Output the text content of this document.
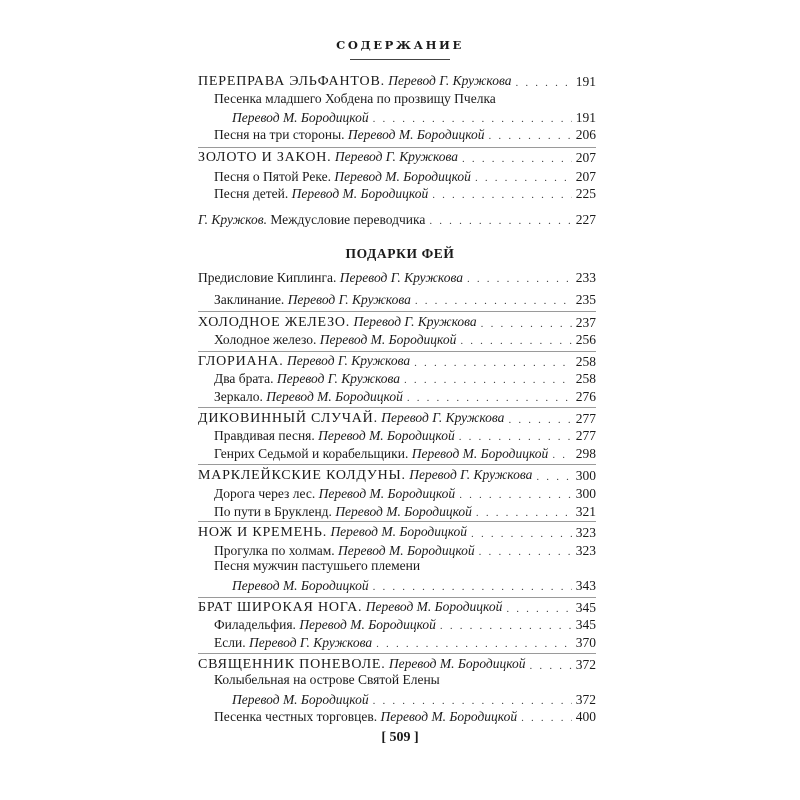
СОДЕРЖАНИЕ
ПЕРЕПРАВА ЭЛЬФАНТОВ. Перевод Г. Кружкова . . .	191
Песенка младшего Хобдена по прозвищу Пчелка
Перевод М. Бородицкой . . .	191
Песня на три стороны. Перевод М. Бородицкой . . .	206
ЗОЛОТО И ЗАКОН. Перевод Г. Кружкова . . .	207
Песня о Пятой Реке. Перевод М. Бородицкой . . .	207
Песня детей. Перевод М. Бородицкой . . .	225
Г. Кружков. Междусловие переводчика . . .	227
ПОДАРКИ ФЕЙ
Предисловие Киплинга. Перевод Г. Кружкова . . .	233
Заклинание. Перевод Г. Кружкова . . .	235
ХОЛОДНОЕ ЖЕЛЕЗО. Перевод Г. Кружкова . . .	237
Холодное железо. Перевод М. Бородицкой . . .	256
ГЛОРИАНА. Перевод Г. Кружкова . . .	258
Два брата. Перевод Г. Кружкова . . .	258
Зеркало. Перевод М. Бородицкой . . .	276
ДИКОВИННЫЙ СЛУЧАЙ. Перевод Г. Кружкова . . .	277
Правдивая песня. Перевод М. Бородицкой . . .	277
Генрих Седьмой и корабельщики. Перевод М. Бородицкой . . . 298
МАРКЛЕЙКСКИЕ КОЛДУНЫ. Перевод Г. Кружкова . . .	300
Дорога через лес. Перевод М. Бородицкой . . .	300
По пути в Брукленд. Перевод М. Бородицкой . . .	321
НОЖ И КРЕМЕНЬ. Перевод М. Бородицкой . . .	323
Прогулка по холмам. Перевод М. Бородицкой . . .	323
Песня мужчин пастушьего племени
Перевод М. Бородицкой . . .	343
БРАТ ШИРОКАЯ НОГА. Перевод М. Бородицкой . . .	345
Филадельфия. Перевод М. Бородицкой . . .	345
Если. Перевод Г. Кружкова . . .	370
СВЯЩЕННИК ПОНЕВОЛЕ. Перевод М. Бородицкой . . .	372
Колыбельная на острове Святой Елены
Перевод М. Бородицкой . . .	372
Песенка честных торговцев. Перевод М. Бородицкой . . .	400
[ 509 ]
